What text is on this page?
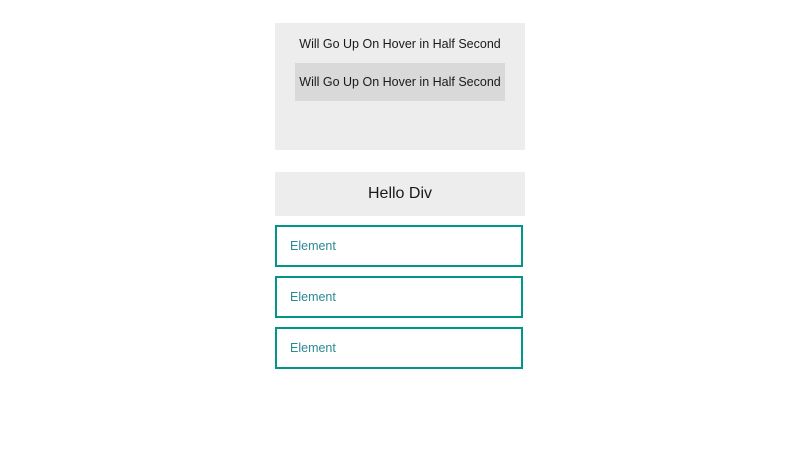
Will Go Up On Hover in Half Second
Will Go Up On Hover in Half Second
Hello Div
Element
Element
Element
